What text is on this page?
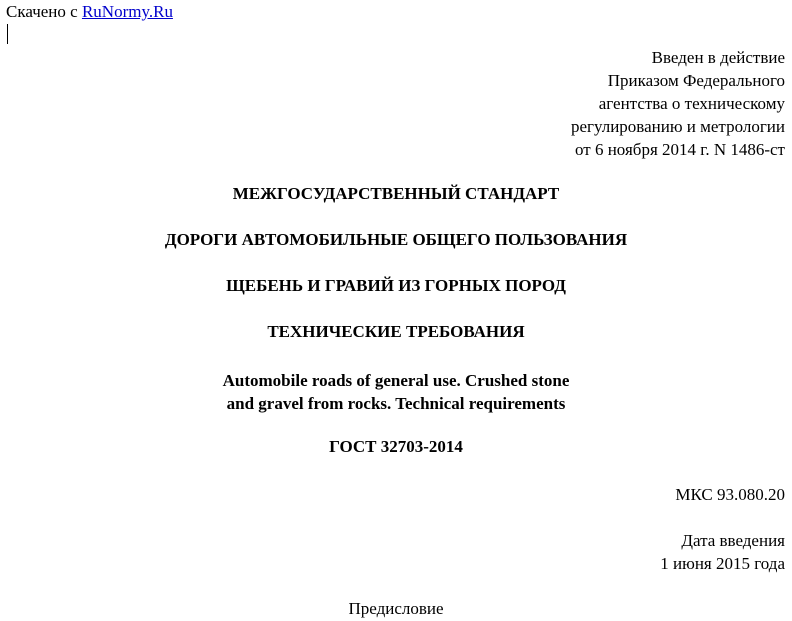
Скачено с RuNormy.Ru
Введен в действие
Приказом Федерального
агентства о техническому
регулированию и метрологии
от 6 ноября 2014 г. N 1486-ст
МЕЖГОСУДАРСТВЕННЫЙ СТАНДАРТ
ДОРОГИ АВТОМОБИЛЬНЫЕ ОБЩЕГО ПОЛЬЗОВАНИЯ
ЩЕБЕНЬ И ГРАВИЙ ИЗ ГОРНЫХ ПОРОД
ТЕХНИЧЕСКИЕ ТРЕБОВАНИЯ
Automobile roads of general use. Crushed stone
and gravel from rocks. Technical requirements
ГОСТ 32703-2014
МКС 93.080.20
Дата введения
1 июня 2015 года
Предисловие
